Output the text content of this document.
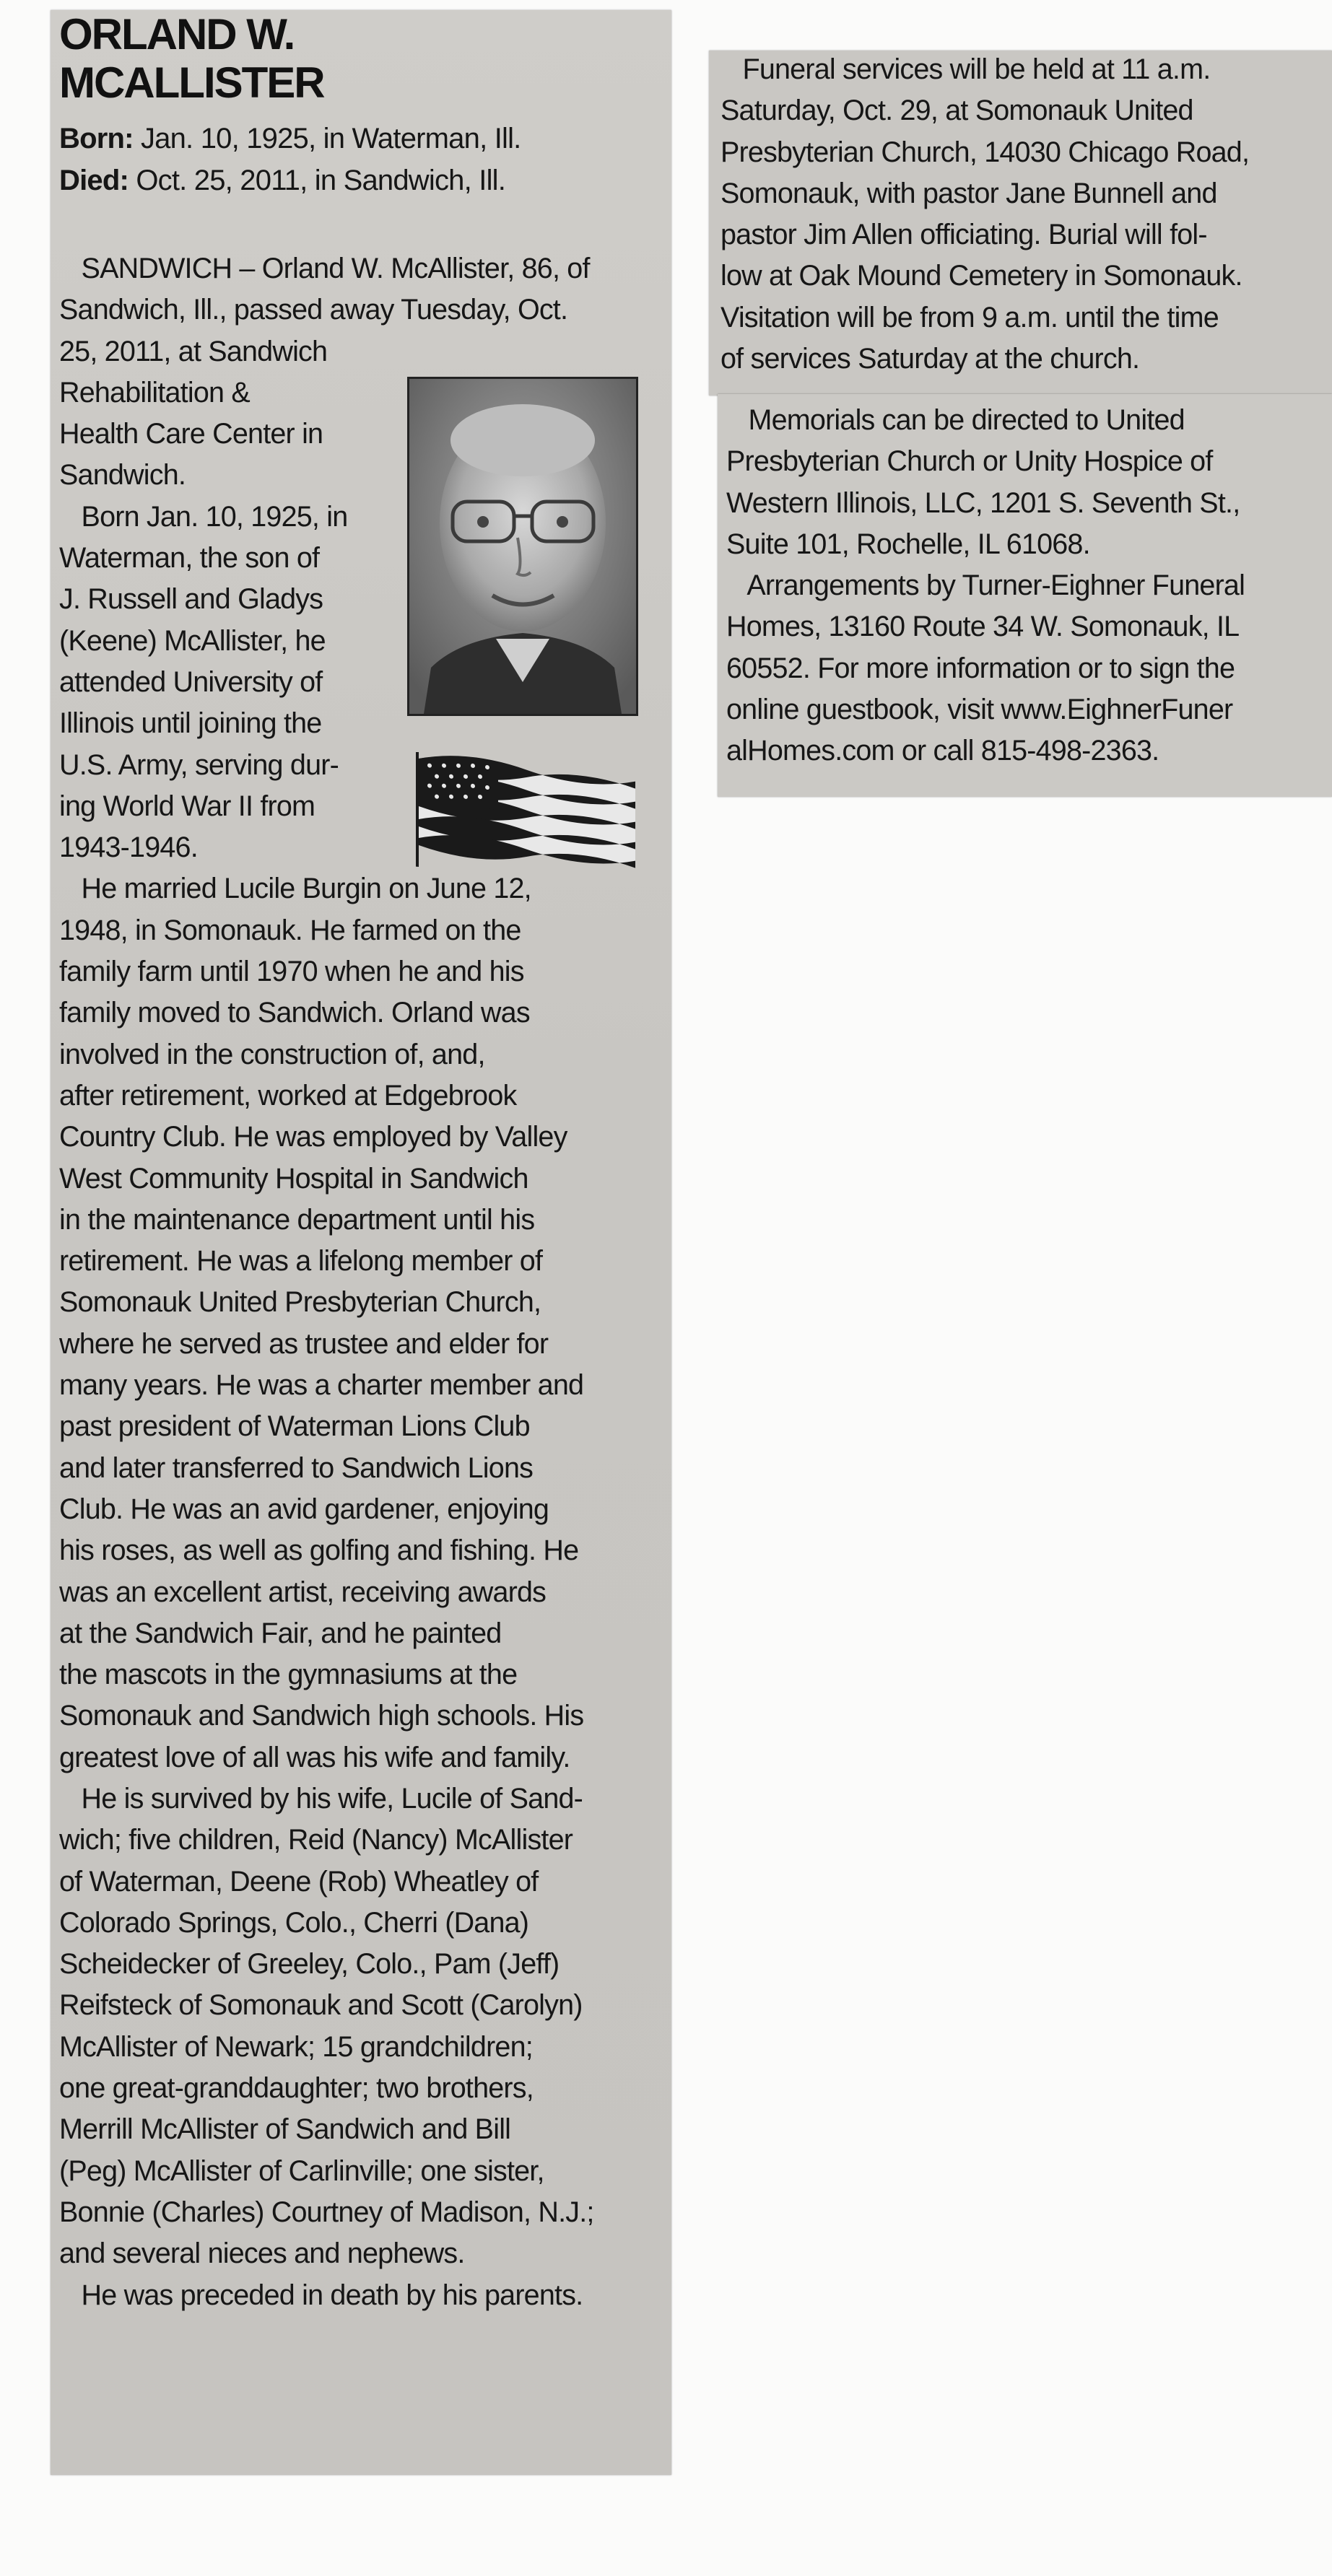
ORLAND W.
MCALLISTER

Born: Jan. 10, 1925, in Waterman, Ill.

Died: Oct. 25, 2011, in Sandwich, Ill.

SANDWICH – Orland W. McAllister, 86, of
Sandwich, Ill., passed away Tuesday, Oct.
25, 2011, at Sandwich
Rehabilitation &
Health Care Center in
Sandwich.
Born Jan. 10, 1925, in
Waterman, the son of
J. Russell and Gladys
(Keene) McAllister, he
attended University of
Illinois until joining the
U.S. Army, serving dur-
ing World War II from
1943-1946.
He married Lucile Burgin on June 12,
1948, in Somonauk. He farmed on the
family farm until 1970 when he and his
family moved to Sandwich. Orland was
involved in the construction of, and,
after retirement, worked at Edgebrook
Country Club. He was employed by Valley
West Community Hospital in Sandwich
in the maintenance department until his
retirement. He was a lifelong member of
Somonauk United Presbyterian Church,
where he served as trustee and elder for
many years. He was a charter member and
past president of Waterman Lions Club
and later transferred to Sandwich Lions
Club. He was an avid gardener, enjoying
his roses, as well as golfing and fishing. He
was an excellent artist, receiving awards
at the Sandwich Fair, and he painted
the mascots in the gymnasiums at the
Somonauk and Sandwich high schools. His
greatest love of all was his wife and family.
He is survived by his wife, Lucile of Sand-
wich; five children, Reid (Nancy) McAllister
of Waterman, Deene (Rob) Wheatley of
Colorado Springs, Colo., Cherri (Dana)
Scheidecker of Greeley, Colo., Pam (Jeff)
Reifsteck of Somonauk and Scott (Carolyn)
McAllister of Newark; 15 grandchildren;
one great-granddaughter; two brothers,
Merrill McAllister of Sandwich and Bill
(Peg) McAllister of Carlinville; one sister,
Bonnie (Charles) Courtney of Madison, N.J.;
and several nieces and nephews.
He was preceded in death by his parents.
Funeral services will be held at 11 a.m.
Saturday, Oct. 29, at Somonauk United
Presbyterian Church, 14030 Chicago Road,
Somonauk, with pastor Jane Bunnell and
pastor Jim Allen officiating. Burial will fol-
low at Oak Mound Cemetery in Somonauk.
Visitation will be from 9 a.m. until the time
of services Saturday at the church.
Memorials can be directed to United
Presbyterian Church or Unity Hospice of
Western Illinois, LLC, 1201 S. Seventh St.,
Suite 101, Rochelle, IL 61068.
Arrangements by Turner-Eighner Funeral
Homes, 13160 Route 34 W. Somonauk, IL
60552. For more information or to sign the
online guestbook, visit www.EighnerFuner
alHomes.com or call 815-498-2363.
